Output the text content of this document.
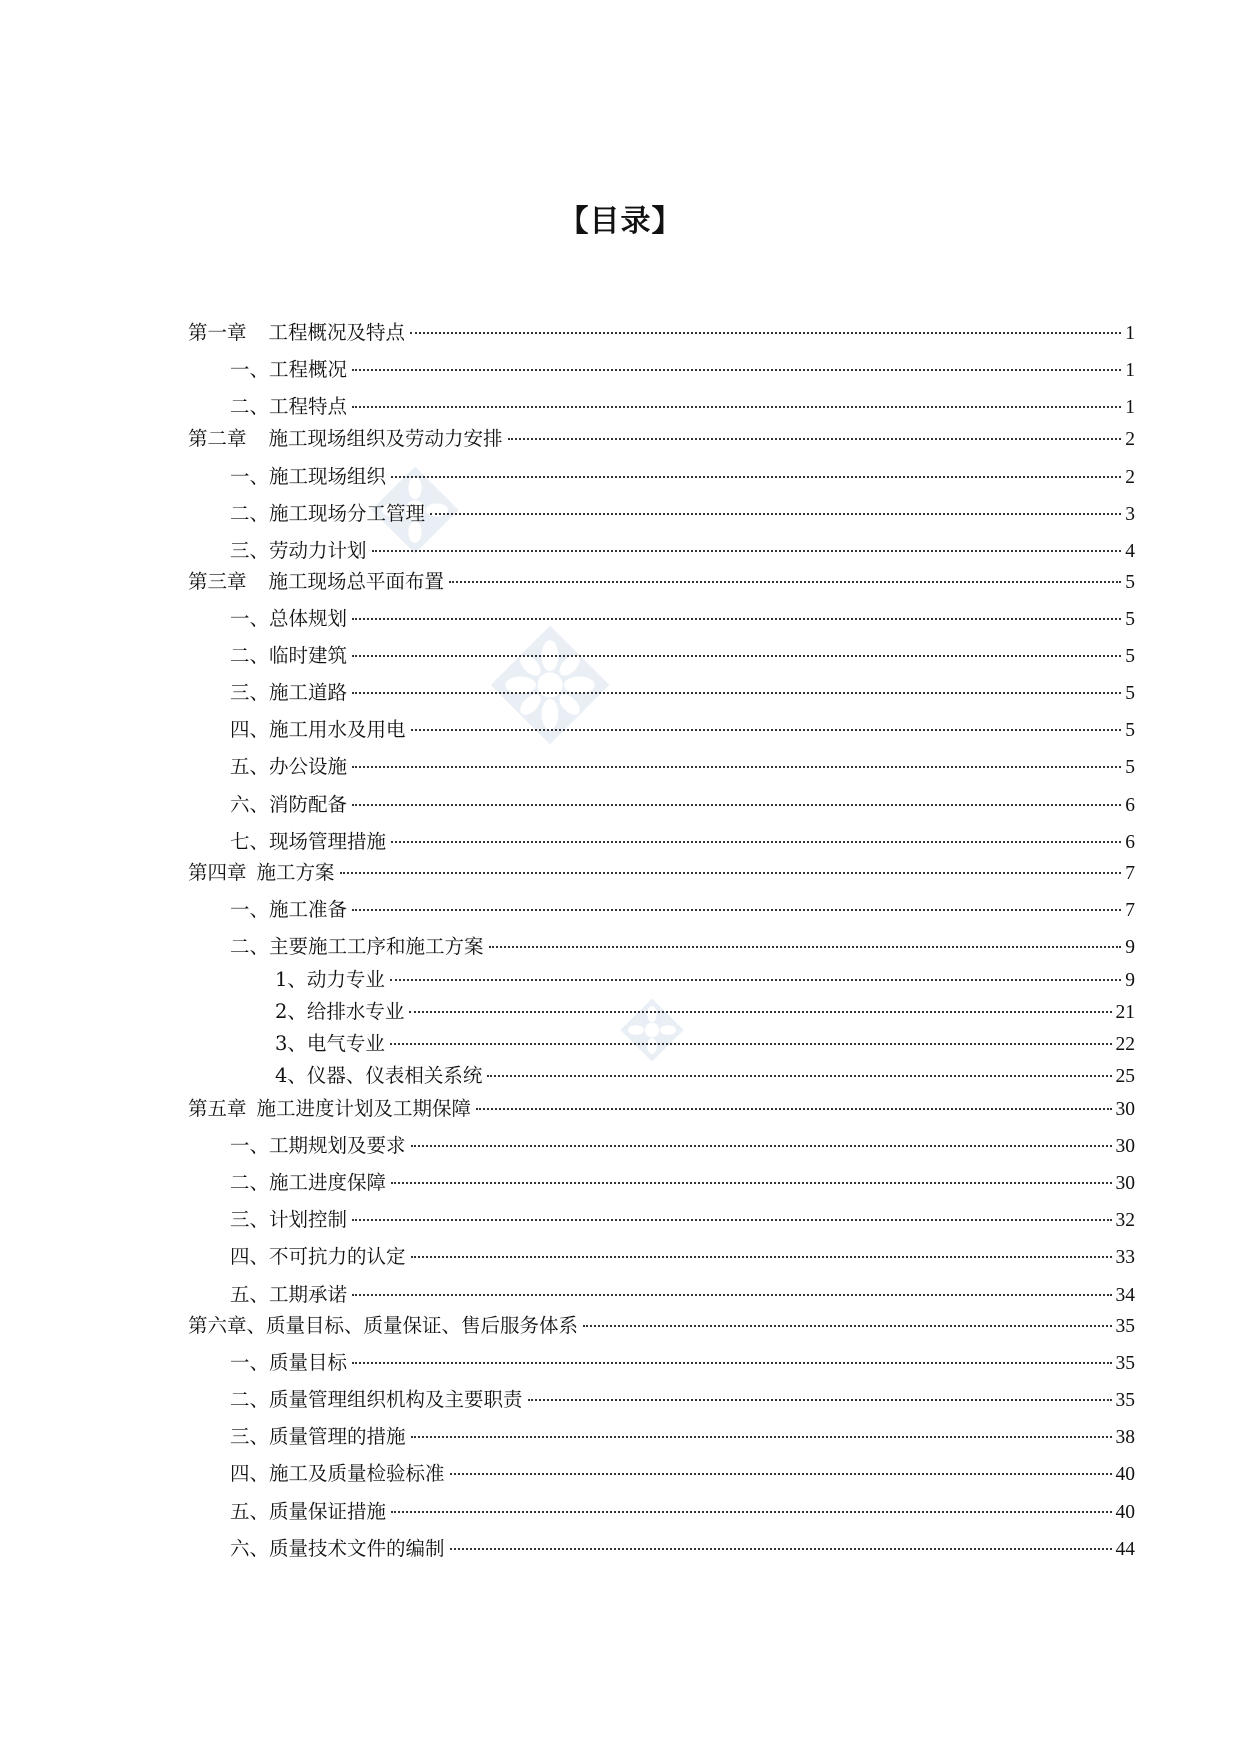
【目录】
第一章 工程概况及特点	1
一、工程概况	1
二、工程特点	1
第二章 施工现场组织及劳动力安排	2
一、施工现场组织	2
二、施工现场分工管理	3
三、劳动力计划	4
第三章 施工现场总平面布置	5
一、总体规划	5
二、临时建筑	5
三、施工道路	5
四、施工用水及用电	5
五、办公设施	5
六、消防配备	6
七、现场管理措施	6
第四章 施工方案	7
一、施工准备	7
二、主要施工工序和施工方案	9
1、动力专业	9
2、给排水专业	21
3、电气专业	22
4、仪器、仪表相关系统	25
第五章 施工进度计划及工期保障	30
一、工期规划及要求	30
二、施工进度保障	30
三、计划控制	32
四、不可抗力的认定	33
五、工期承诺	34
第六章、质量目标、质量保证、售后服务体系	35
一、质量目标	35
二、质量管理组织机构及主要职责	35
三、质量管理的措施	38
四、施工及质量检验标准	40
五、质量保证措施	40
六、质量技术文件的编制	44
